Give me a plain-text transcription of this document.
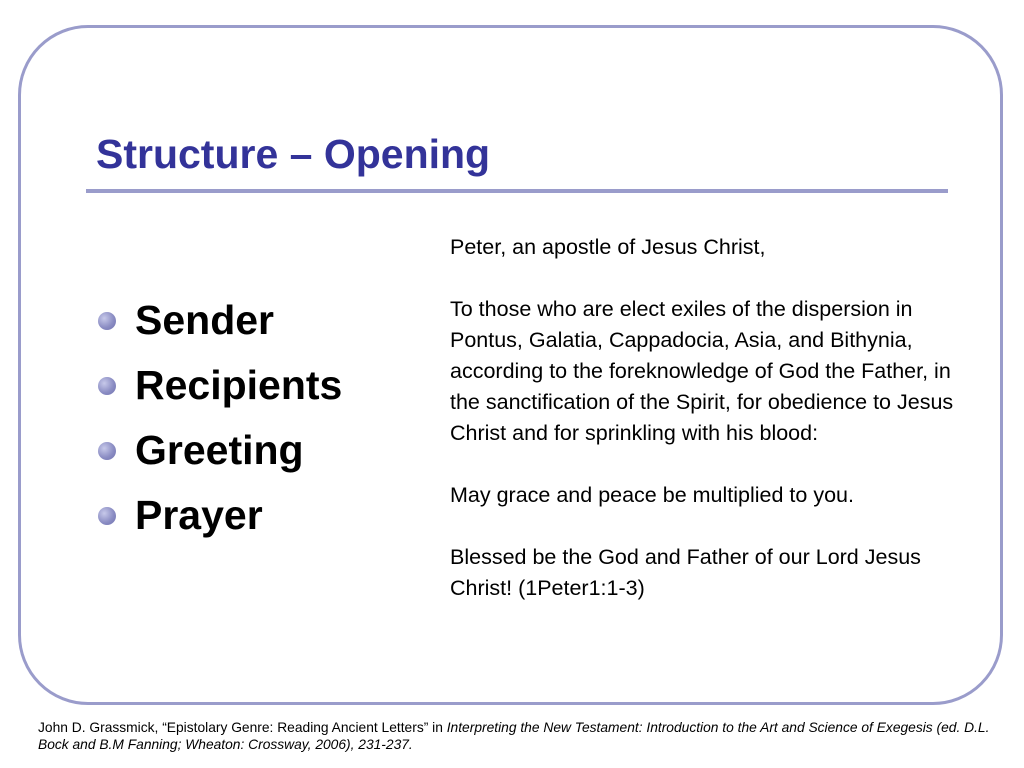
Structure – Opening
Sender
Recipients
Greeting
Prayer

Peter, an apostle of Jesus Christ,

To those who are elect exiles of the dispersion in Pontus, Galatia, Cappadocia, Asia, and Bithynia, according to the foreknowledge of God the Father, in the sanctification of the Spirit, for obedience to Jesus Christ and for sprinkling with his blood:

May grace and peace be multiplied to you.

Blessed be the God and Father of our Lord Jesus Christ! (1Peter1:1-3)

John D. Grassmick, “Epistolary Genre: Reading Ancient Letters” in Interpreting the New Testament: Introduction to the Art and Science of Exegesis (ed. D.L. Bock and B.M Fanning; Wheaton: Crossway, 2006), 231-237.
